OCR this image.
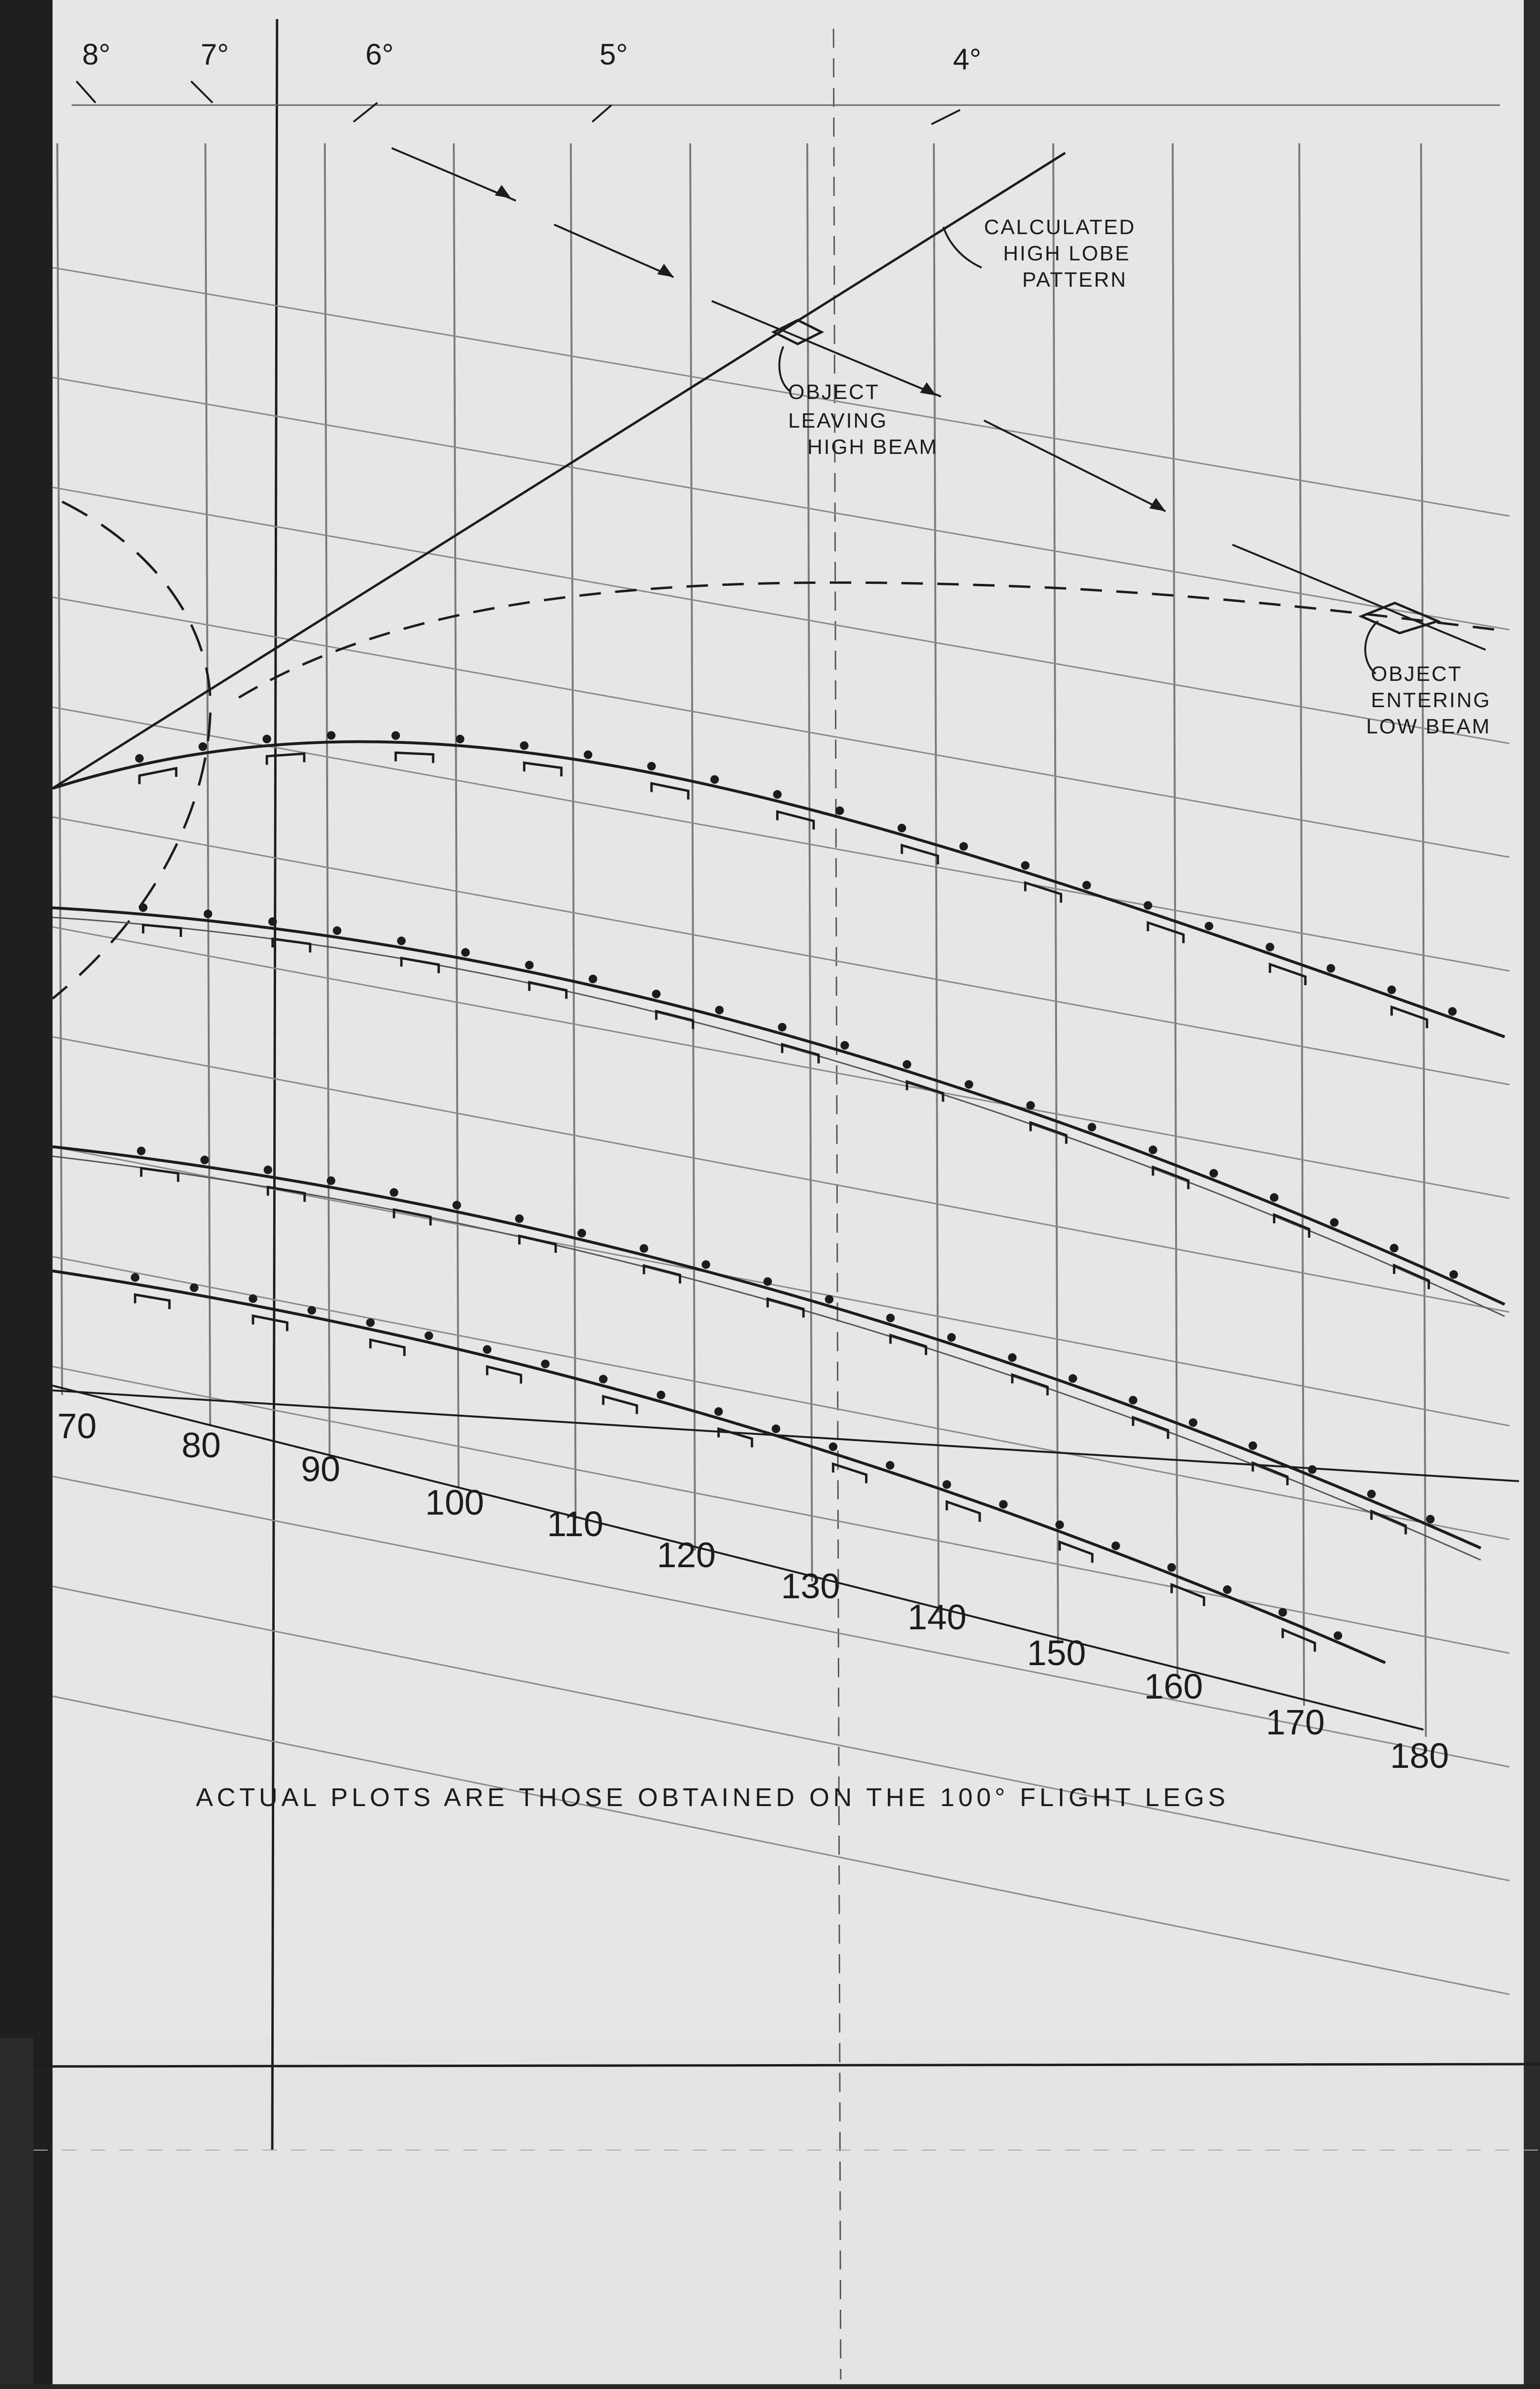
8°	7°	6°	5°	4°
70 80
90
100
110
120
130
140
150
160
170
180
CALCULATED
HIGH LOBE
PATTERN
OBJECT
LEAVING
HIGH BEAM
OBJECT
ENTERING
LOW BEAM
ACTUAL PLOTS ARE THOSE OBTAINED ON THE 100° FLIGHT LEGS
